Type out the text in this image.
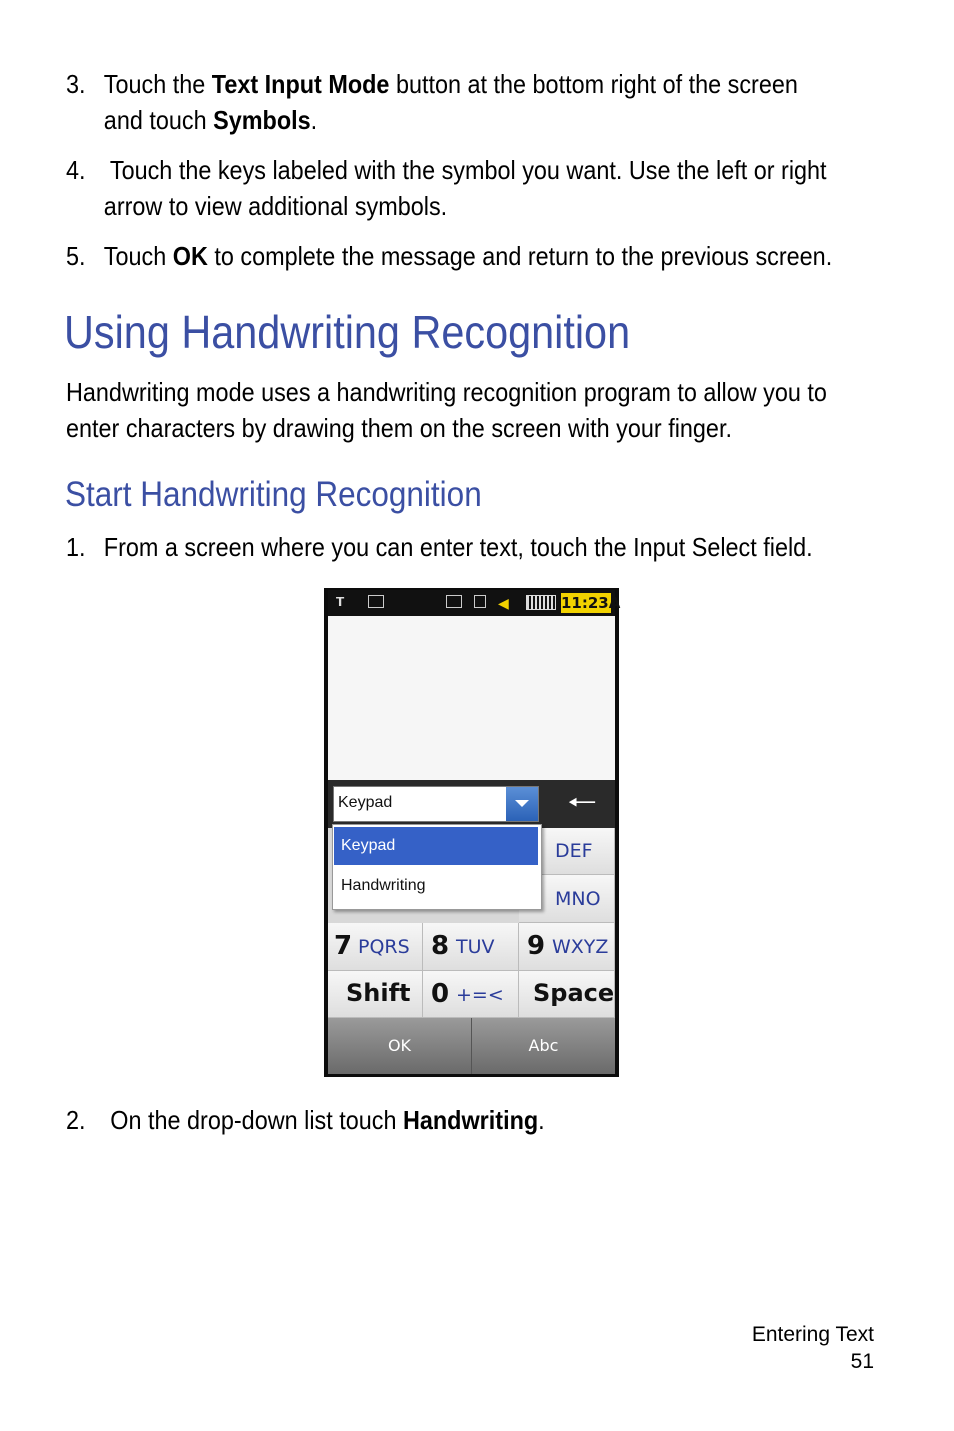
3. Touch the Text Input Mode button at the bottom right of the screen
and touch Symbols.
4. Touch the keys labeled with the symbol you want. Use the left or right
arrow to view additional symbols.
5. Touch OK to complete the message and return to the previous screen.
Using Handwriting Recognition
Handwriting mode uses a handwriting recognition program to allow you to
enter characters by drawing them on the screen with your finger.
Start Handwriting Recognition
1. From a screen where you can enter text, touch the Input Select field.
𝗧	◀	11:23A
Keypad	🠐
DEF
MNO
7 PQRS 8 TUV 9 WXYZ
Shift 0 +=< Space
Keypad
Handwriting
OK	Abc
2. On the drop-down list touch Handwriting.
Entering Text
51
